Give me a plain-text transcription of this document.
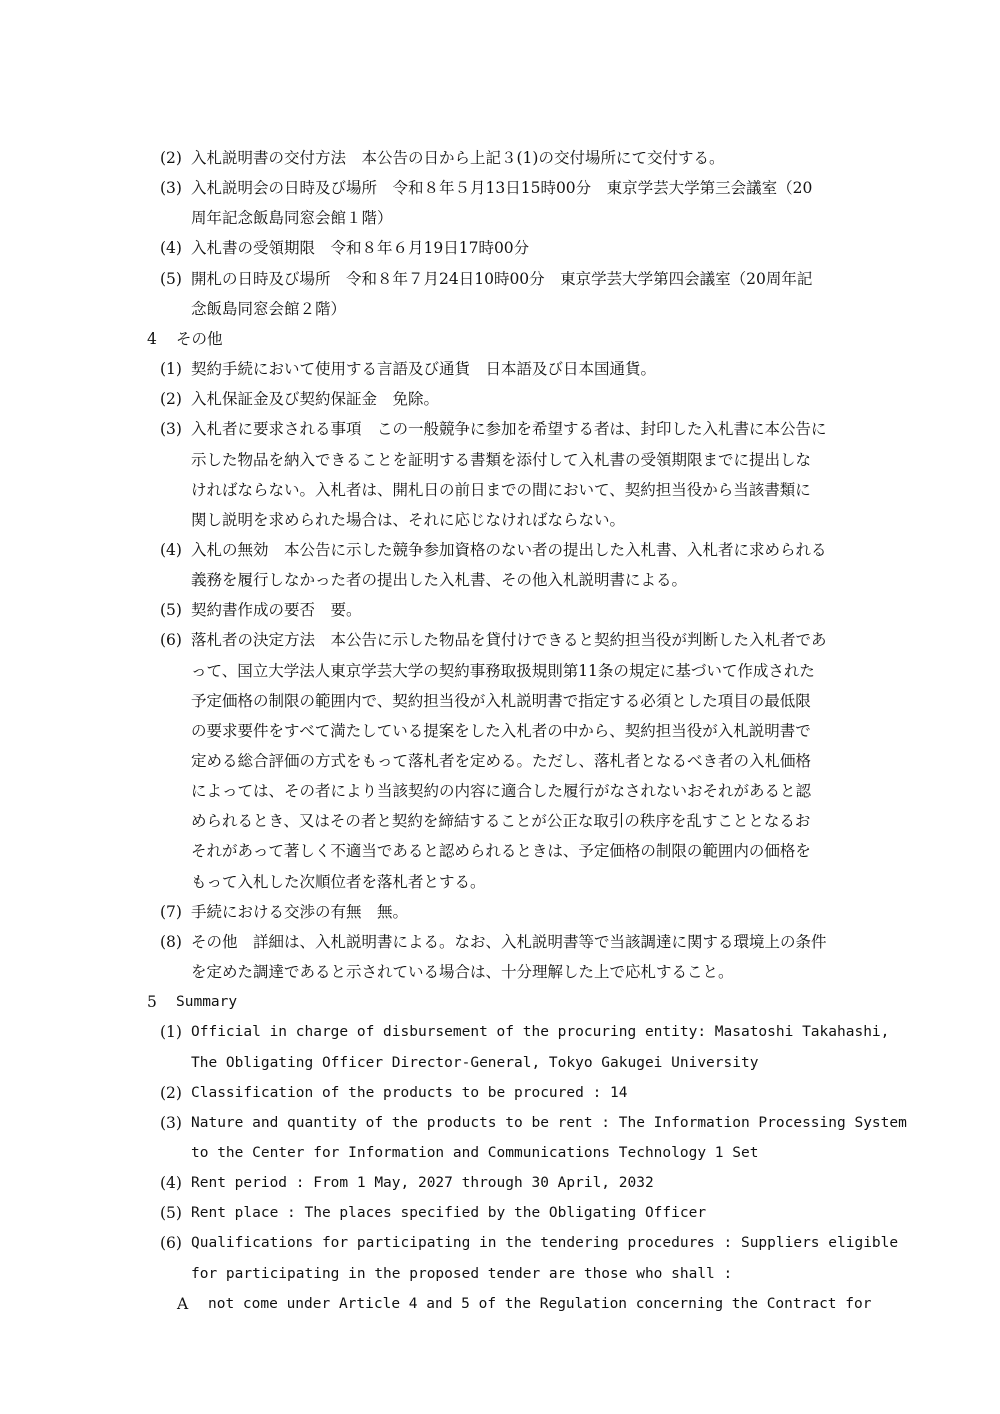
(2) 入札説明書の交付方法　本公告の日から上記３(1)の交付場所にて交付する。
(3) 入札説明会の日時及び場所　令和８年５月13日15時00分　東京学芸大学第三会議室（20
周年記念飯島同窓会館１階）
(4) 入札書の受領期限　令和８年６月19日17時00分
(5) 開札の日時及び場所　令和８年７月24日10時00分　東京学芸大学第四会議室（20周年記
念飯島同窓会館２階）
4 その他
(1) 契約手続において使用する言語及び通貨　日本語及び日本国通貨。
(2) 入札保証金及び契約保証金　免除。
(3) 入札者に要求される事項　この一般競争に参加を希望する者は、封印した入札書に本公告に
示した物品を納入できることを証明する書類を添付して入札書の受領期限までに提出しな
ければならない。入札者は、開札日の前日までの間において、契約担当役から当該書類に
関し説明を求められた場合は、それに応じなければならない。
(4) 入札の無効　本公告に示した競争参加資格のない者の提出した入札書、入札者に求められる
義務を履行しなかった者の提出した入札書、その他入札説明書による。
(5) 契約書作成の要否　要。
(6) 落札者の決定方法　本公告に示した物品を貸付けできると契約担当役が判断した入札者であ
って、国立大学法人東京学芸大学の契約事務取扱規則第11条の規定に基づいて作成された
予定価格の制限の範囲内で、契約担当役が入札説明書で指定する必須とした項目の最低限
の要求要件をすべて満たしている提案をした入札者の中から、契約担当役が入札説明書で
定める総合評価の方式をもって落札者を定める。ただし、落札者となるべき者の入札価格
によっては、その者により当該契約の内容に適合した履行がなされないおそれがあると認
められるとき、又はその者と契約を締結することが公正な取引の秩序を乱すこととなるお
それがあって著しく不適当であると認められるときは、予定価格の制限の範囲内の価格を
もって入札した次順位者を落札者とする。
(7) 手続における交渉の有無　無。
(8) その他　詳細は、入札説明書による。なお、入札説明書等で当該調達に関する環境上の条件
を定めた調達であると示されている場合は、十分理解した上で応札すること。
5 Summary
(1) Official in charge of disbursement of the procuring entity: Masatoshi Takahashi,
The Obligating Officer Director-General, Tokyo Gakugei University
(2) Classification of the products to be procured : 14
(3) Nature and quantity of the products to be rent : The Information Processing System
to the Center for Information and Communications Technology 1 Set
(4) Rent period : From 1 May, 2027 through 30 April, 2032
(5) Rent place : The places specified by the Obligating Officer
(6) Qualifications for participating in the tendering procedures : Suppliers eligible
for participating in the proposed tender are those who shall :
A not come under Article 4 and 5 of the Regulation concerning the Contract for
